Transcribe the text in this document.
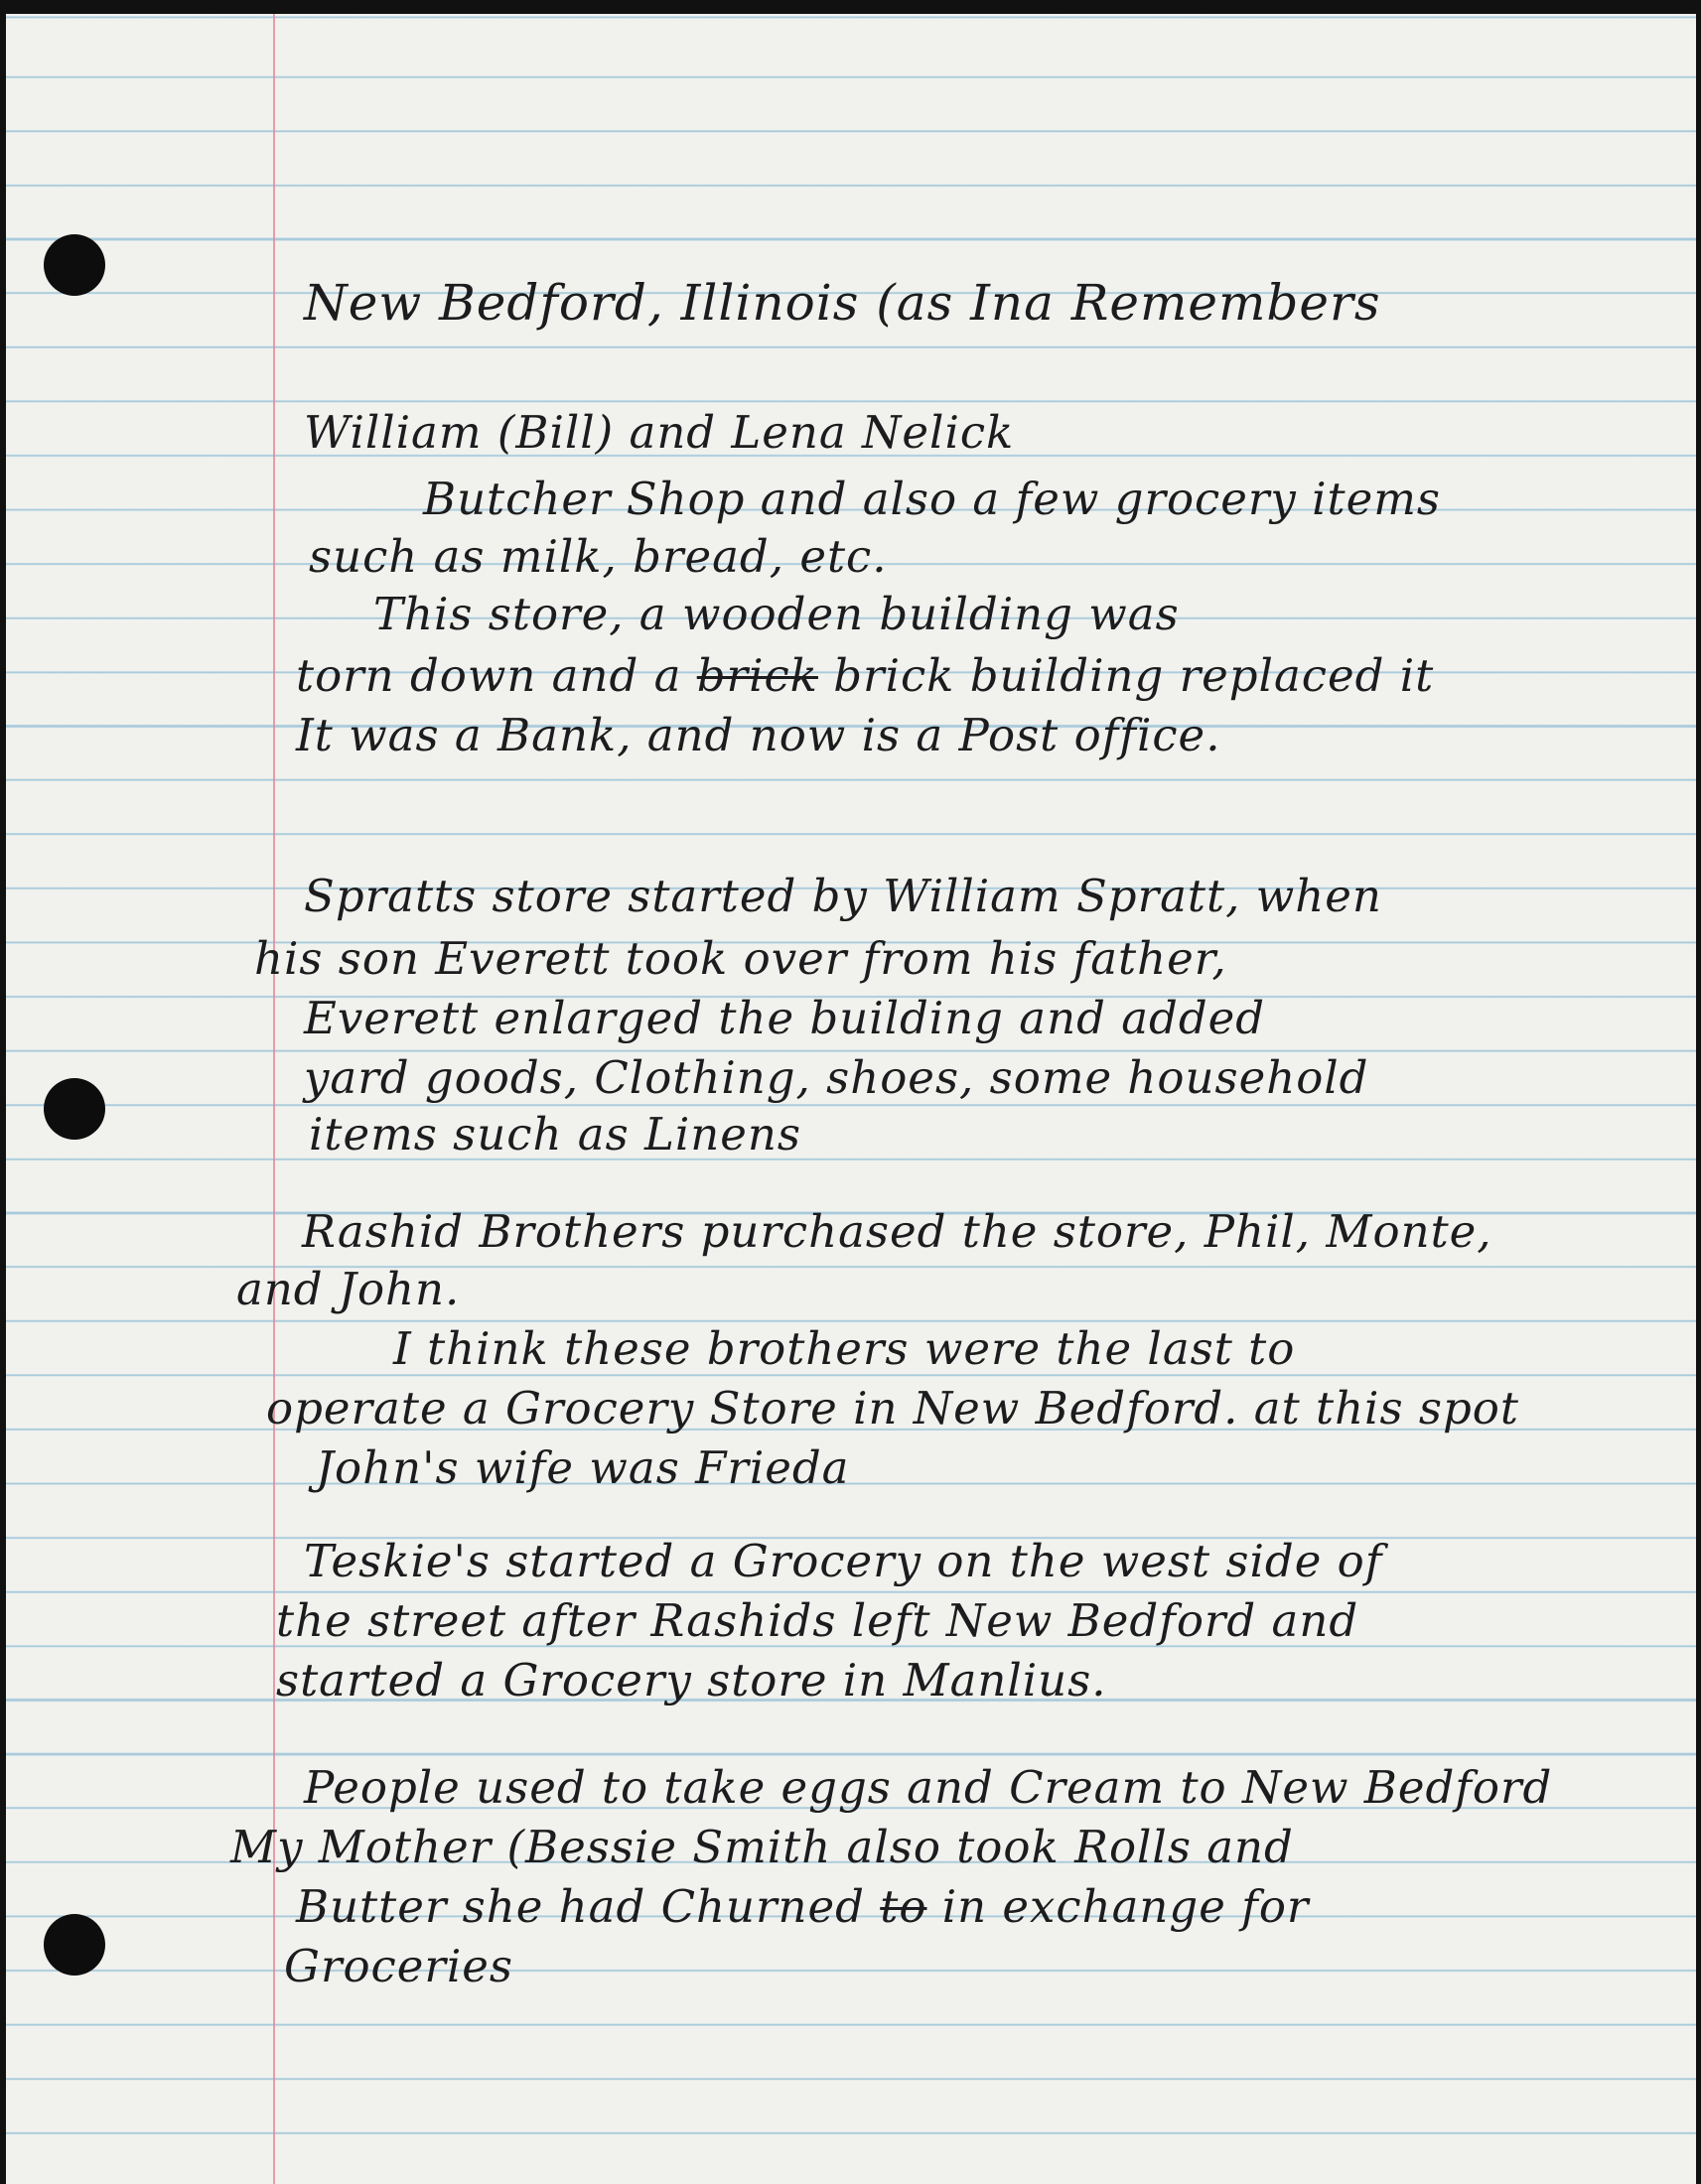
New Bedford, Illinois (as Ina Remembers

William (Bill) and Lena Nelick

Butcher Shop and also a few grocery items

such as milk, bread, etc.

This store, a wooden building was

torn down and a brick brick building replaced it

It was a Bank, and now is a Post office.

Spratts store started by William Spratt, when

his son Everett took over from his father,

Everett enlarged the building and added

yard goods, Clothing, shoes, some household

items such as Linens

Rashid Brothers purchased the store, Phil, Monte,

and John.

I think these brothers were the last to

operate a Grocery Store in New Bedford. at this spot

John's wife was Frieda

Teskie's started a Grocery on the west side of

the street after Rashids left New Bedford and

started a Grocery store in Manlius.

People used to take eggs and Cream to New Bedford

My Mother (Bessie Smith also took Rolls and

Butter she had Churned to in exchange for

Groceries
